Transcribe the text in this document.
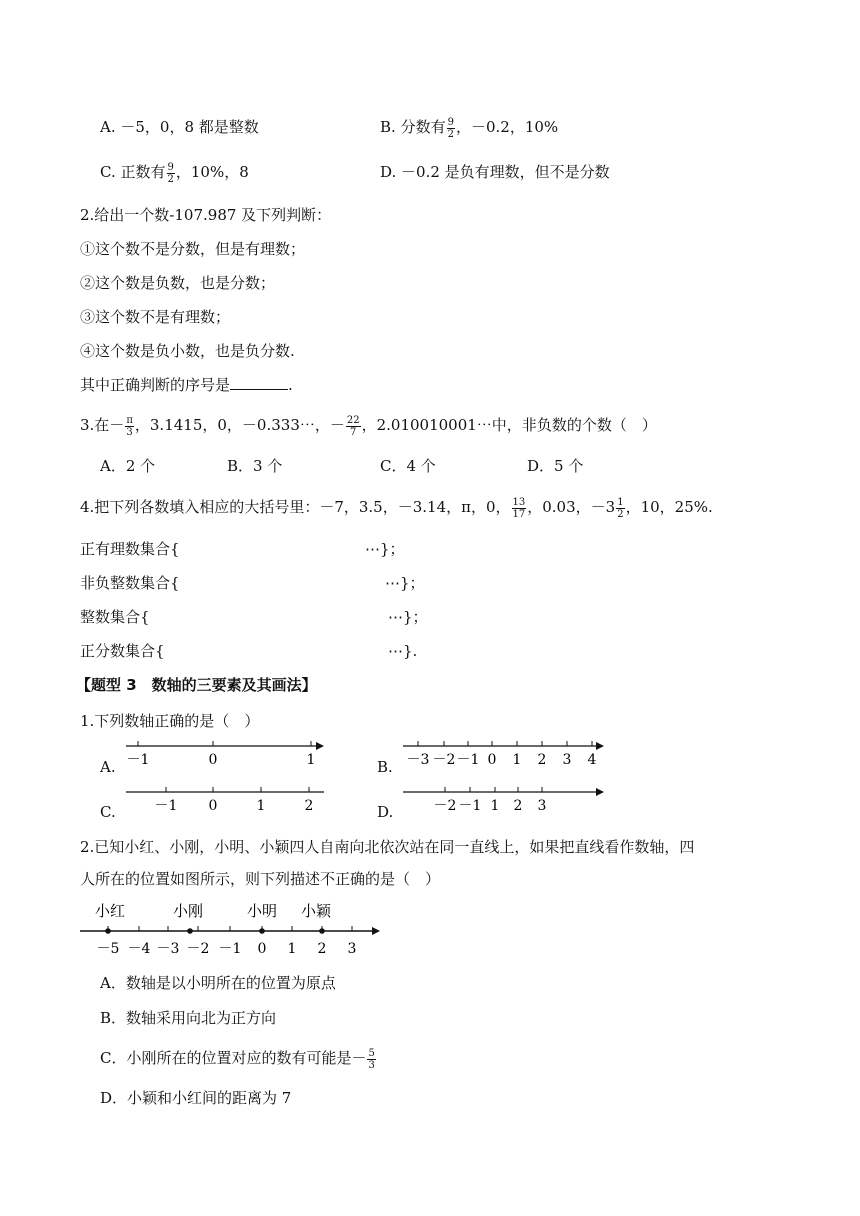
A. －5，0，8 都是整数	B. 分数有 $\frac{9}{2}$ ，－0.2，10%
C. 正数有 $\frac{9}{2}$ ，10%，8	D. －0.2 是负有理数，但不是分数
2.给出一个数-107.987 及下列判断：
①这个数不是分数，但是有理数；
②这个数是负数，也是分数；
③这个数不是有理数；
④这个数是负小数，也是负分数.
其中正确判断的序号是	.
3.在－ $\frac{\pi}{3}$ ，3.1415，0，－0.333⋯，－ $\frac{22}{7}$ ，2.010010001⋯中，非负数的个数（　）
A．2 个	B．3 个	C．4 个	D．5 个
4.把下列各数填入相应的大括号里：－7，3.5，－3.14，π，0， $\frac{13}{17}$ ，0.03，$-3 \frac{1}{2}$ ，10，25%.
正有理数集合{	⋯}；
非负整数集合{	⋯}；
整数集合{	⋯}；
正分数集合{	⋯}.
【题型 3　数轴的三要素及其画法】
1.下列数轴正确的是（　）
A.	B.
C.	D.
－1	0	1	－3 －2 －1 0 1 2 3 4
－1 0	1	2	－2 －1 1 2 3
－5 －4 －3 －2 －1 0 1 2 3
小红	小刚	小明 小颖
2.已知小红、小刚，小明、小颖四人自南向北依次站在同一直线上，如果把直线看作数轴，四
人所在的位置如图所示，则下列描述不正确的是（　）
A．数轴是以小明所在的位置为原点
B．数轴采用向北为正方向
C．小刚所在的位置对应的数有可能是－ $\frac{5}{3}$
D．小颖和小红间的距离为 7
